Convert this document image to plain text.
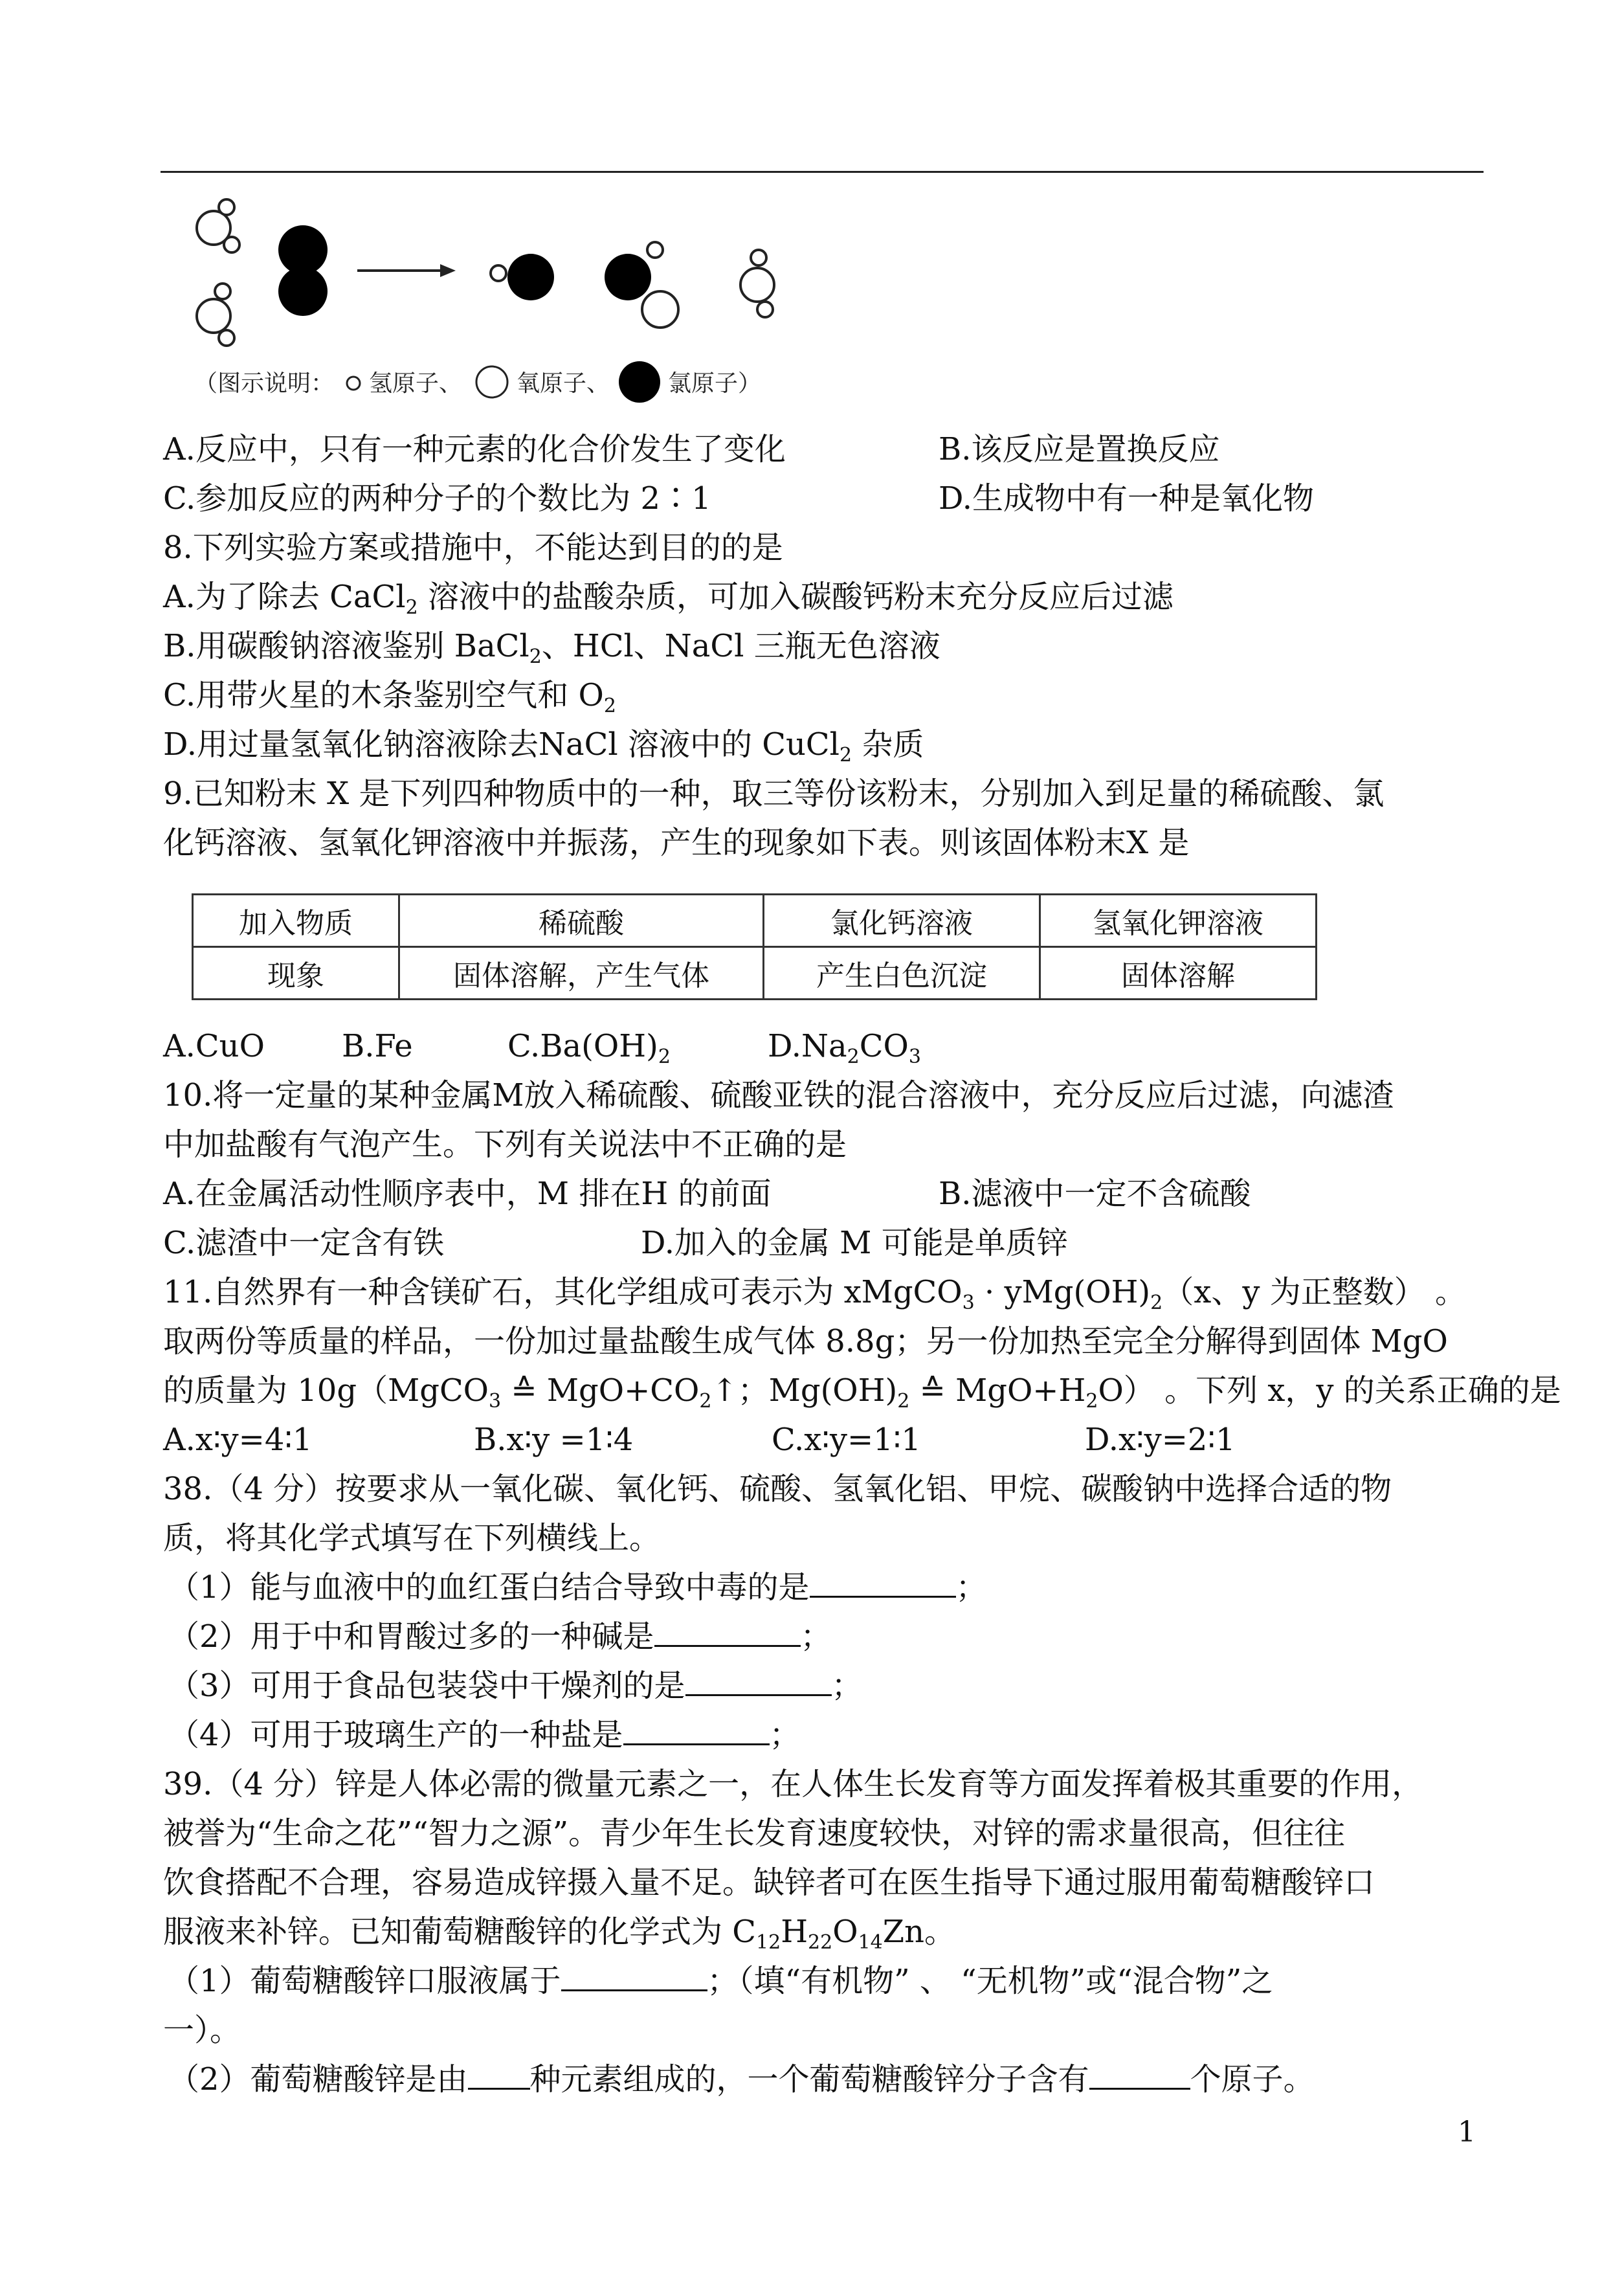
（图示说明： 氢原子、 氧原子、 氯原子）
A.反应中，只有一种元素的化合价发生了变化	B.该反应是置换反应
C.参加反应的两种分子的个数比为 2∶1	D.生成物中有一种是氧化物
8.下列实验方案或措施中，不能达到目的的是
A.为了除去 CaCl$_2$ 溶液中的盐酸杂质，可加入碳酸钙粉末充分反应后过滤
B.用碳酸钠溶液鉴别 BaCl$_2$、HCl、NaCl 三瓶无色溶液
C.用带火星的木条鉴别空气和 $O_2$
D.用过量氢氧化钠溶液除去NaCl 溶液中的 CuCl$_2$ 杂质
9.已知粉末 X 是下列四种物质中的一种，取三等份该粉末，分别加入到足量的稀硫酸、氯
化钙溶液、氢氧化钾溶液中并振荡，产生的现象如下表。则该固体粉末X 是
加入物质	稀硫酸	氯化钙溶液	氢氧化钾溶液
现象	固体溶解，产生气体	产生白色沉淀	固体溶解
A.CuO B.Fe	$C.Ba(OH)_2$	$D.Na_2CO_3$
10.将一定量的某种金属M放入稀硫酸、硫酸亚铁的混合溶液中，充分反应后过滤，向滤渣
中加盐酸有气泡产生。下列有关说法中不正确的是
A.在金属活动性顺序表中，M 排在H 的前面	B.滤液中一定不含硫酸
C.滤渣中一定含有铁	D.加入的金属 M 可能是单质锌
11.自然界有一种含镁矿石，其化学组成可表示为 xMgCO$_3$ · $yMg(OH)_2(x$、y 为正整数） 。
取两份等质量的样品，一份加过量盐酸生成气体 8.8g；另一份加热至完全分解得到固体 MgO
的质量为 10g（MgCO$_3$ ≙ $MgO+CO_2↑$；$Mg(OH)_2$ ≙ $MgO+H_2O$） 。下列 x，y 的关系正确的是
A.x∶y=4∶1	B.x∶y =1∶4	C.x∶y=1∶1	D.x∶y=2∶1
38.（4 分）按要求从一氧化碳、氧化钙、硫酸、氢氧化铝、甲烷、碳酸钠中选择合适的物
质，将其化学式填写在下列横线上。
（1）能与血液中的血红蛋白结合导致中毒的是	；
（2）用于中和胃酸过多的一种碱是	；
（3）可用于食品包装袋中干燥剂的是	；
（4）可用于玻璃生产的一种盐是	；
39.（4 分）锌是人体必需的微量元素之一，在人体生长发育等方面发挥着极其重要的作用，
被誉为“生命之花”“智力之源”。青少年生长发育速度较快，对锌的需求量很高，但往往
饮食搭配不合理，容易造成锌摄入量不足。缺锌者可在医生指导下通过服用葡萄糖酸锌口
服液来补锌。已知葡萄糖酸锌的化学式为 $C_{12}H_{22}O_{14}Zn$。
（1）葡萄糖酸锌口服液属于	；（填“有机物” 、 “无机物”或“混合物”之
一）。
（2）葡萄糖酸锌是由 种元素组成的，一个葡萄糖酸锌分子含有	个原子。
1
